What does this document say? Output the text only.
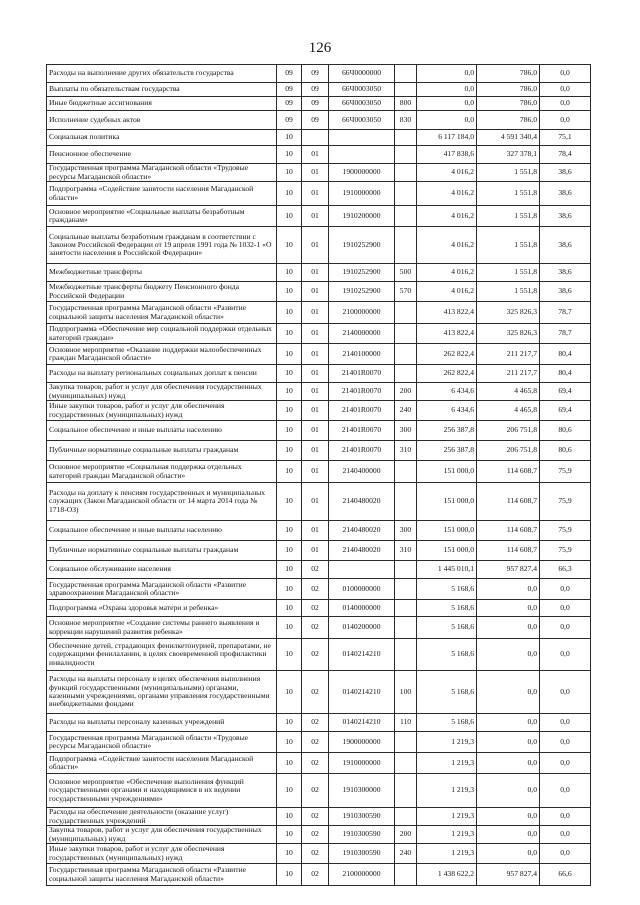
126
Расходы на выполнение других обязательств государства	09	09	66Ч0000000		0,0	786,0	0,0
Выплаты по обязательствам государства	09	09	66Ч0003050		0,0	786,0	0,0
Иные бюджетные ассигнования	09	09	66Ч0003050	800	0,0	786,0	0,0
Исполнение судебных актов	09	09	66Ч0003050	830	0,0	786,0	0,0
Социальная политика	10				6 117 184,0	4 591 340,4	75,1
Пенсионное обеспечение	10	01			417 838,6	327 378,1	78,4
Государственная программа Магаданской области «Трудовые ресурсы Магаданской области»	10	01	1900000000		4 016,2	1 551,8	38,6
Подпрограмма «Содействие занятости населения Магаданской области»	10	01	1910000000		4 016,2	1 551,8	38,6
Основное мероприятие «Социальные выплаты безработным гражданам»	10	01	1910200000		4 016,2	1 551,8	38,6
Социальные выплаты безработным гражданам в соответствии с Законом Российской Федерации от 19 апреля 1991 года № 1032-1 «О занятости населения в Российской Федерации»	10	01	1910252900		4 016,2	1 551,8	38,6
Межбюджетные трансферты	10	01	1910252900	500	4 016,2	1 551,8	38,6
Межбюджетные трансферты бюджету Пенсионного фонда Российской Федерации	10	01	1910252900	570	4 016,2	1 551,8	38,6
Государственная программа Магаданской области «Развитие социальной защиты населения Магаданской области»	10	01	2100000000		413 822,4	325 826,3	78,7
Подпрограмма «Обеспечение мер социальной поддержки отдельных категорий граждан»	10	01	2140000000		413 822,4	325 826,3	78,7
Основное мероприятие «Оказание поддержки малообеспеченных граждан Магаданской области»	10	01	2140100000		262 822,4	211 217,7	80,4
Расходы на выплату региональных социальных доплат к пенсии	10	01	21401R0070		262 822,4	211 217,7	80,4
Закупка товаров, работ и услуг для обеспечения государственных (муниципальных) нужд	10	01	21401R0070	200	6 434,6	4 465,8	69,4
Иные закупки товаров, работ и услуг для обеспечения государственных (муниципальных) нужд	10	01	21401R0070	240	6 434,6	4 465,8	69,4
Социальное обеспечение и иные выплаты населению	10	01	21401R0070	300	256 387,8	206 751,8	80,6
Публичные нормативные социальные выплаты гражданам	10	01	21401R0070	310	256 387,8	206 751,8	80,6
Основное мероприятие «Социальная поддержка отдельных категорий граждан Магаданской области»	10	01	2140400000		151 000,0	114 608,7	75,9
Расходы на доплату к пенсиям государственных и муниципальных служащих (Закон Магаданской области от 14 марта 2014 года № 1718-ОЗ)	10	01	2140480020		151 000,0	114 608,7	75,9
Социальное обеспечение и иные выплаты населению	10	01	2140480020	300	151 000,0	114 608,7	75,9
Публичные нормативные социальные выплаты гражданам	10	01	2140480020	310	151 000,0	114 608,7	75,9
Социальное обслуживание населения	10	02			1 445 010,1	957 827,4	66,3
Государственная программа Магаданской области «Развитие здравоохранения Магаданской области»	10	02	0100000000		5 168,6	0,0	0,0
Подпрограмма «Охрана здоровья матери и ребенка»	10	02	0140000000		5 168,6	0,0	0,0
Основное мероприятие «Создание системы раннего выявления и коррекции нарушений развития ребенка»	10	02	0140200000		5 168,6	0,0	0,0
Обеспечение детей, страдающих фенилкетонурией, препаратами, не содержащими фенилаланин, в целях своевременной профилактики инвалидности	10	02	0140214210		5 168,6	0,0	0,0
Расходы на выплаты персоналу в целях обеспечения выполнения функций государственными (муниципальными) органами, казенными учреждениями, органами управления государственными внебюджетными фондами	10	02	0140214210	100	5 168,6	0,0	0,0
Расходы на выплаты персоналу казенных учреждений	10	02	0140214210	110	5 168,6	0,0	0,0
Государственная программа Магаданской области «Трудовые ресурсы Магаданской области»	10	02	1900000000		1 219,3	0,0	0,0
Подпрограмма «Содействие занятости населения Магаданской области»	10	02	1910000000		1 219,3	0,0	0,0
Основное мероприятие «Обеспечение выполнения функций государственными органами и находящимися в их ведении государственными учреждениями»	10	02	1910300000		1 219,3	0,0	0,0
Расходы на обеспечение деятельности (оказание услуг) государственных учреждений	10	02	1910300590		1 219,3	0,0	0,0
Закупка товаров, работ и услуг для обеспечения государственных (муниципальных) нужд	10	02	1910300590	200	1 219,3	0,0	0,0
Иные закупки товаров, работ и услуг для обеспечения государственных (муниципальных) нужд	10	02	1910300590	240	1 219,3	0,0	0,0
Государственная программа Магаданской области «Развитие социальной защиты населения Магаданской области»	10	02	2100000000		1 438 622,2	957 827,4	66,6
